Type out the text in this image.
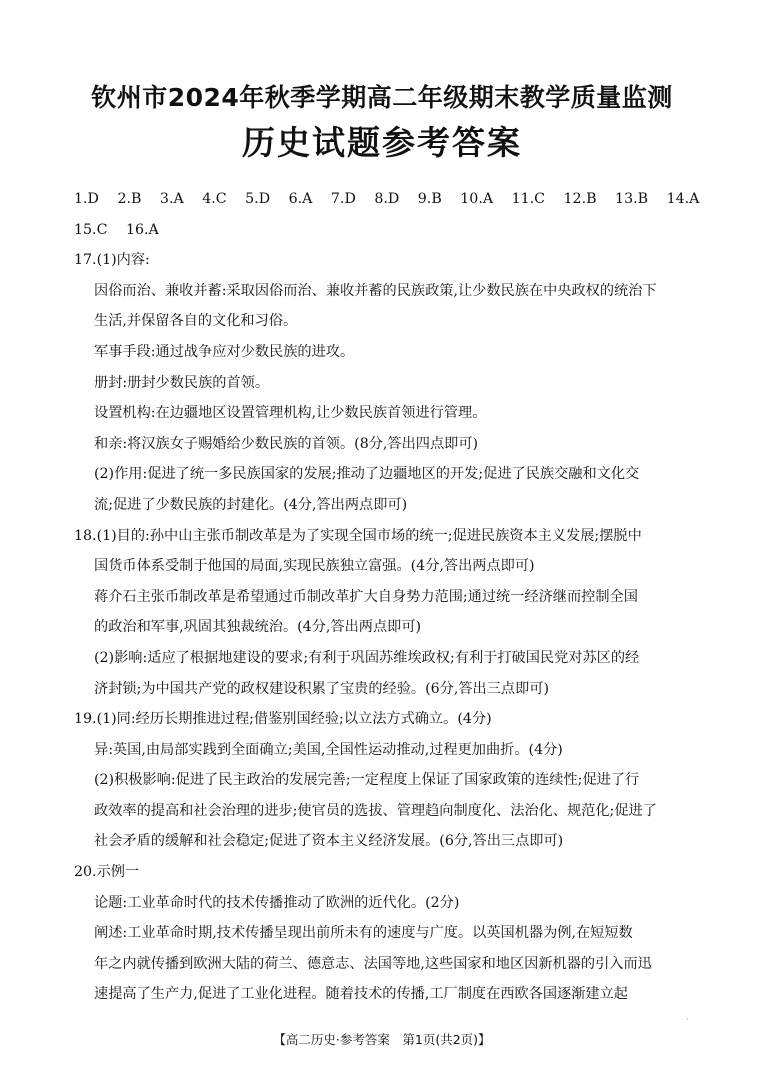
钦州市2024年秋季学期高二年级期末教学质量监测
历史试题参考答案
1.D 2.B 3.A 4.C 5.D 6.A 7.D 8.D 9.B 10.A 11.C 12.B 13.B 14.A
15.C 16.A
17.(1)内容:
因俗而治、兼收并蓄:采取因俗而治、兼收并蓄的民族政策,让少数民族在中央政权的统治下
生活,并保留各自的文化和习俗。
军事手段:通过战争应对少数民族的进攻。
册封:册封少数民族的首领。
设置机构:在边疆地区设置管理机构,让少数民族首领进行管理。
和亲:将汉族女子赐婚给少数民族的首领。(8分,答出四点即可)
(2)作用:促进了统一多民族国家的发展;推动了边疆地区的开发;促进了民族交融和文化交
流;促进了少数民族的封建化。(4分,答出两点即可)
18.(1)目的:孙中山主张币制改革是为了实现全国市场的统一;促进民族资本主义发展;摆脱中
国货币体系受制于他国的局面,实现民族独立富强。(4分,答出两点即可)
蒋介石主张币制改革是希望通过币制改革扩大自身势力范围;通过统一经济继而控制全国
的政治和军事,巩固其独裁统治。(4分,答出两点即可)
(2)影响:适应了根据地建设的要求;有利于巩固苏维埃政权;有利于打破国民党对苏区的经
济封锁;为中国共产党的政权建设积累了宝贵的经验。(6分,答出三点即可)
19.(1)同:经历长期推进过程;借鉴别国经验;以立法方式确立。(4分)
异:英国,由局部实践到全面确立;美国,全国性运动推动,过程更加曲折。(4分)
(2)积极影响:促进了民主政治的发展完善;一定程度上保证了国家政策的连续性;促进了行
政效率的提高和社会治理的进步;使官员的选拔、管理趋向制度化、法治化、规范化;促进了
社会矛盾的缓解和社会稳定;促进了资本主义经济发展。(6分,答出三点即可)
20.示例一
论题:工业革命时代的技术传播推动了欧洲的近代化。(2分)
阐述:工业革命时期,技术传播呈现出前所未有的速度与广度。以英国机器为例,在短短数
年之内就传播到欧洲大陆的荷兰、德意志、法国等地,这些国家和地区因新机器的引入而迅
速提高了生产力,促进了工业化进程。随着技术的传播,工厂制度在西欧各国逐渐建立起
【高二历史·参考答案　第1页(共2页)】
·
